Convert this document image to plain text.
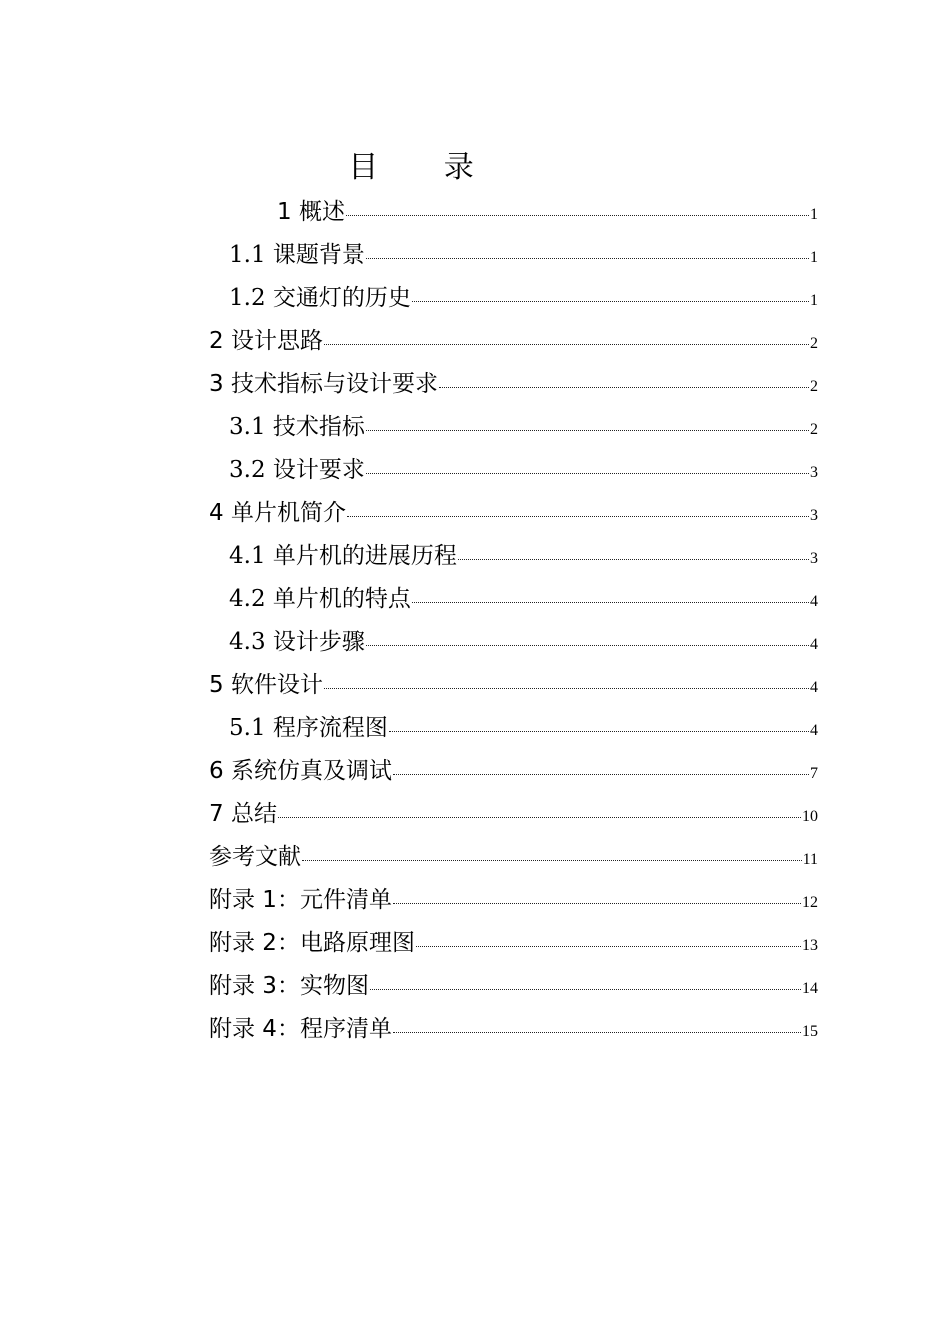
目 录
1 概述	1
1.1 课题背景	1
1.2 交通灯的历史	1
2 设计思路	2
3 技术指标与设计要求	2
3.1 技术指标	2
3.2 设计要求	3
4 单片机简介	3
4.1 单片机的进展历程	3
4.2 单片机的特点	4
4.3 设计步骤	4
5 软件设计	4
5.1 程序流程图	4
6 系统仿真及调试	7
7 总结	10
参考文献	11
附录 1：元件清单	12
附录 2：电路原理图	13
附录 3：实物图	14
附录 4：程序清单	15
